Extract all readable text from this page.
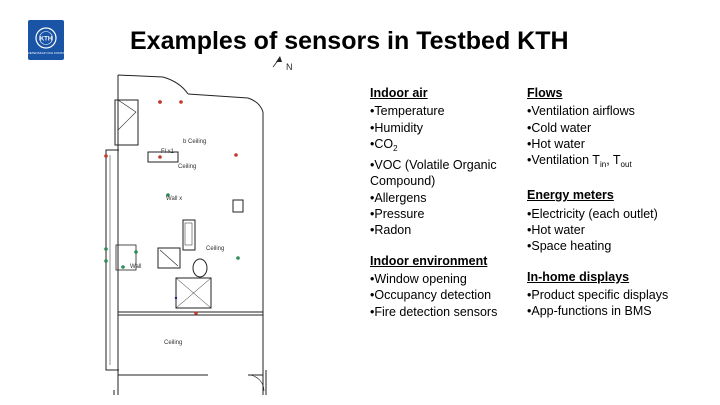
KTH
VETENSKAP OCH KONST	Examples of sensors in Testbed KTH
N
b Ceiling
Fl x1
Ceiling
Wall x
Ceiling
Wall
Ceiling
Indoor air
•Temperature
•Humidity
$•CO_2$
•VOC (Volatile Organic
Compound)
•Allergens
•Pressure
•Radon
Indoor environment
•Window opening
•Occupancy detection
•Fire detection sensors
Flows
•Ventilation airflows
•Cold water
•Hot water
•Ventilation $T_{in}$, $T_{out}$
Energy meters
•Electricity (each outlet)
•Hot water
•Space heating
In-home displays
•Product specific displays
•App-functions in BMS
